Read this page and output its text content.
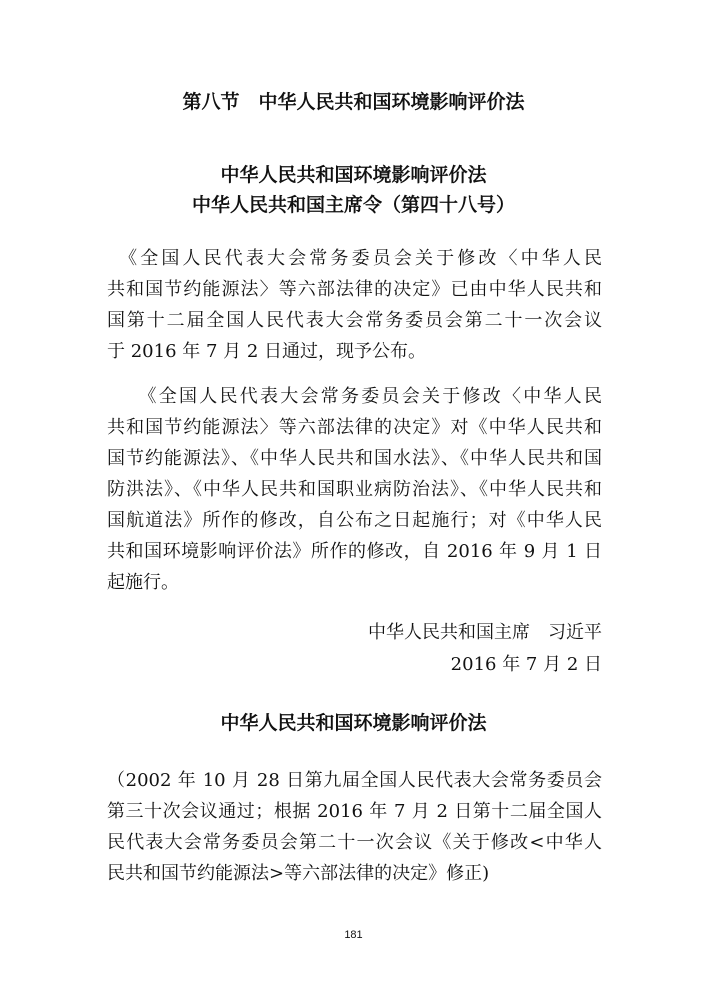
第八节　中华人民共和国环境影响评价法
中华人民共和国环境影响评价法
中华人民共和国主席令（第四十八号）
　《全国人民代表大会常务委员会关于修改〈中华人民
共和国节约能源法〉等六部法律的决定》已由中华人民共和
国第十二届全国人民代表大会常务委员会第二十一次会议
于 2016 年 7 月 2 日通过，现予公布。
　　《全国人民代表大会常务委员会关于修改〈中华人民
共和国节约能源法〉等六部法律的决定》对《中华人民共和
国节约能源法》、《中华人民共和国水法》、《中华人民共和国
防洪法》、《中华人民共和国职业病防治法》、《中华人民共和
国航道法》所作的修改，自公布之日起施行；对《中华人民
共和国环境影响评价法》所作的修改，自 2016 年 9 月 1 日
起施行。
中华人民共和国主席　习近平
2016 年 7 月 2 日
中华人民共和国环境影响评价法
（2002 年 10 月 28 日第九届全国人民代表大会常务委员会
第三十次会议通过；根据 2016 年 7 月 2 日第十二届全国人
民代表大会常务委员会第二十一次会议《关于修改<中华人
民共和国节约能源法>等六部法律的决定》修正)
181
